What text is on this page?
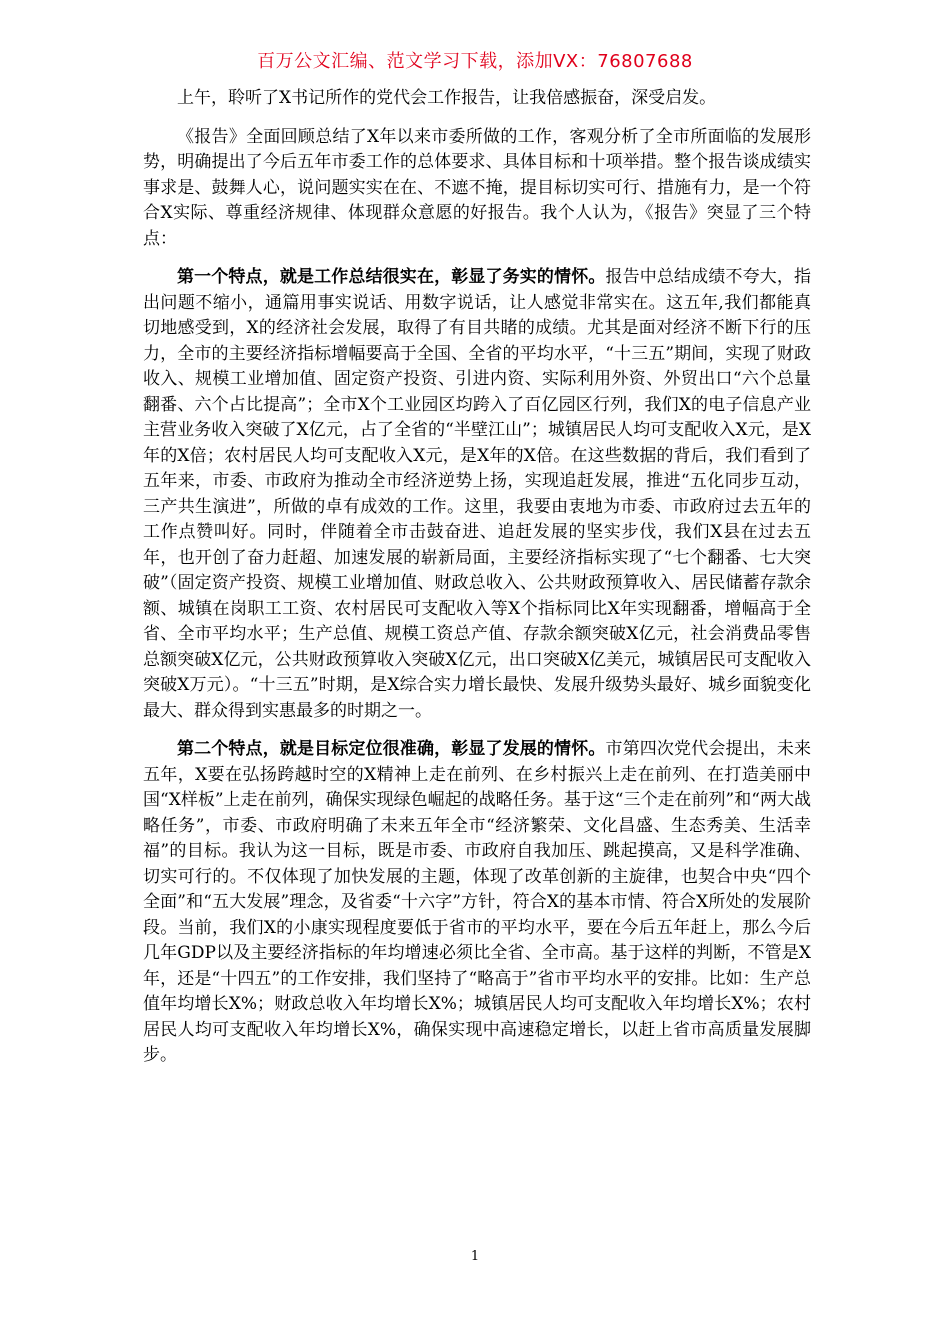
百万公文汇编、范文学习下载，添加VX：76807688

上午，聆听了X书记所作的党代会工作报告，让我倍感振奋，深受启发。

《报告》全面回顾总结了X年以来市委所做的工作，客观分析了全市所面临的发展形势，明确提出了今后五年市委工作的总体要求、具体目标和十项举措。整个报告谈成绩实事求是、鼓舞人心，说问题实实在在、不遮不掩，提目标切实可行、措施有力，是一个符合X实际、尊重经济规律、体现群众意愿的好报告。我个人认为，《报告》突显了三个特点：

第一个特点，就是工作总结很实在，彰显了务实的情怀。报告中总结成绩不夸大，指出问题不缩小，通篇用事实说话、用数字说话，让人感觉非常实在。这五年,我们都能真切地感受到，X的经济社会发展，取得了有目共睹的成绩。尤其是面对经济不断下行的压力，全市的主要经济指标增幅要高于全国、全省的平均水平，“十三五”期间，实现了财政收入、规模工业增加值、固定资产投资、引进内资、实际利用外资、外贸出口“六个总量翻番、六个占比提高”；全市X个工业园区均跨入了百亿园区行列，我们X的电子信息产业主营业务收入突破了X亿元，占了全省的“半壁江山”；城镇居民人均可支配收入X元，是X年的X倍；农村居民人均可支配收入X元，是X年的X倍。在这些数据的背后，我们看到了五年来，市委、市政府为推动全市经济逆势上扬，实现追赶发展，推进“五化同步互动，三产共生演进”，所做的卓有成效的工作。这里，我要由衷地为市委、市政府过去五年的工作点赞叫好。同时，伴随着全市击鼓奋进、追赶发展的坚实步伐，我们X县在过去五年，也开创了奋力赶超、加速发展的崭新局面，主要经济指标实现了“七个翻番、七大突破”（固定资产投资、规模工业增加值、财政总收入、公共财政预算收入、居民储蓄存款余额、城镇在岗职工工资、农村居民可支配收入等X个指标同比X年实现翻番，增幅高于全省、全市平均水平；生产总值、规模工资总产值、存款余额突破X亿元，社会消费品零售总额突破X亿元，公共财政预算收入突破X亿元，出口突破X亿美元，城镇居民可支配收入突破X万元）。“十三五”时期，是X综合实力增长最快、发展升级势头最好、城乡面貌变化最大、群众得到实惠最多的时期之一。

第二个特点，就是目标定位很准确，彰显了发展的情怀。市第四次党代会提出，未来五年，X要在弘扬跨越时空的X精神上走在前列、在乡村振兴上走在前列、在打造美丽中国“X样板”上走在前列，确保实现绿色崛起的战略任务。基于这“三个走在前列”和“两大战略任务”，市委、市政府明确了未来五年全市“经济繁荣、文化昌盛、生态秀美、生活幸福”的目标。我认为这一目标，既是市委、市政府自我加压、跳起摸高，又是科学准确、切实可行的。不仅体现了加快发展的主题，体现了改革创新的主旋律，也契合中央“四个全面”和“五大发展”理念，及省委“十六字”方针，符合X的基本市情、符合X所处的发展阶段。当前，我们X的小康实现程度要低于省市的平均水平，要在今后五年赶上，那么今后几年GDP以及主要经济指标的年均增速必须比全省、全市高。基于这样的判断，不管是X年，还是“十四五”的工作安排，我们坚持了“略高于”省市平均水平的安排。比如：生产总值年均增长X%；财政总收入年均增长X%；城镇居民人均可支配收入年均增长X%；农村居民人均可支配收入年均增长X%，确保实现中高速稳定增长，以赶上省市高质量发展脚步。

1
